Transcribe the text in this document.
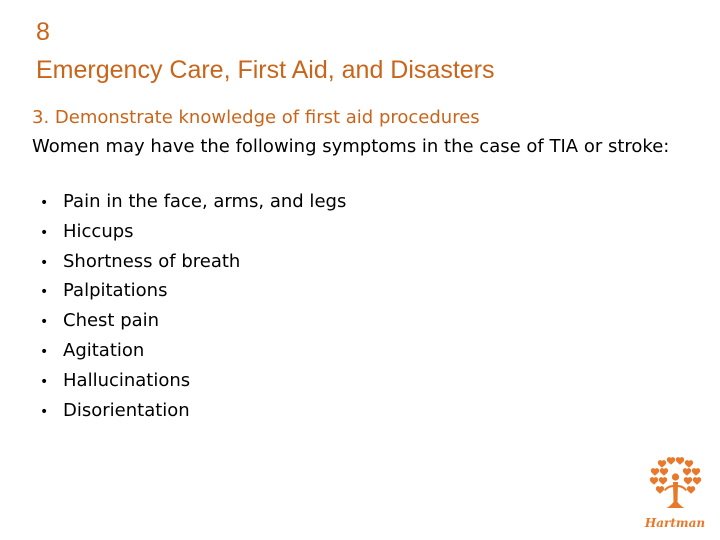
8
Emergency Care, First Aid, and Disasters
3. Demonstrate knowledge of first aid procedures

Women may have the following symptoms in the case of TIA or stroke:

• Pain in the face, arms, and legs
• Hiccups
• Shortness of breath
• Palpitations
• Chest pain
• Agitation
• Hallucinations
• Disorientation
Hartman
